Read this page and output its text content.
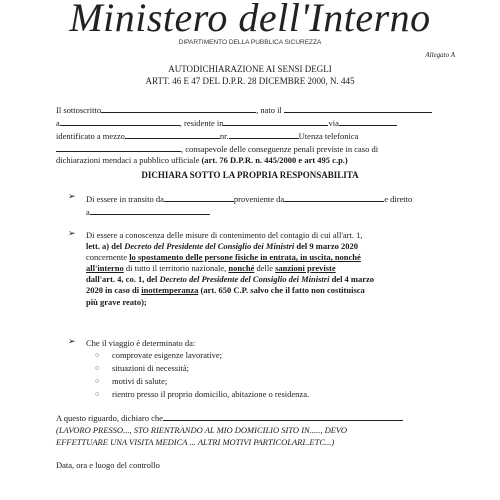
Ministero dell'Interno
DIPARTIMENTO DELLA PUBBLICA SICUREZZA
Allegato A
AUTODICHIARAZIONE AI SENSI DEGLI
ARTT. 46 E 47 DEL D.P.R. 28 DICEMBRE 2000, N. 445
Il sottoscritto	, nato il
a	, residente in	via
identificato a mezzo	nr.	Utenza telefonica
, consapevole delle conseguenze penali previste in caso di
dichiarazioni mendaci a pubblico ufficiale (art. 76 D.P.R. n. 445/2000 e art 495 c.p.)
DICHIARA SOTTO LA PROPRIA RESPONSABILITA
➢ Di essere in transito da	proveniente da	e diretto
a
➢ Di essere a conoscenza delle misure di contenimento del contagio di cui all'art. 1,
lett. a) del Decreto del Presidente del Consiglio dei Ministri del 9 marzo 2020
concernente lo spostamento delle persone fisiche in entrata, in uscita, nonché
all'interno di tutto il territorio nazionale, nonché delle sanzioni previste
dall'art. 4, co. 1, del Decreto del Presidente del Consiglio dei Ministri del 4 marzo
2020 in caso di inottemperanza (art. 650 C.P. salvo che il fatto non costituisca
più grave reato);
➢ Che il viaggio è determinato da:
○ comprovate esigenze lavorative;
○ situazioni di necessità;
○ motivi di salute;
○ rientro presso il proprio domicilio, abitazione o residenza.
A questo riguardo, dichiaro che
(LAVORO PRESSO..., STO RIENTRANDO AL MIO DOMICILIO SITO IN....., DEVO
EFFETTUARE UNA VISITA MEDICA ... ALTRI MOTIVI PARTICOLARI..ETC...)
Data, ora e luogo del controllo
